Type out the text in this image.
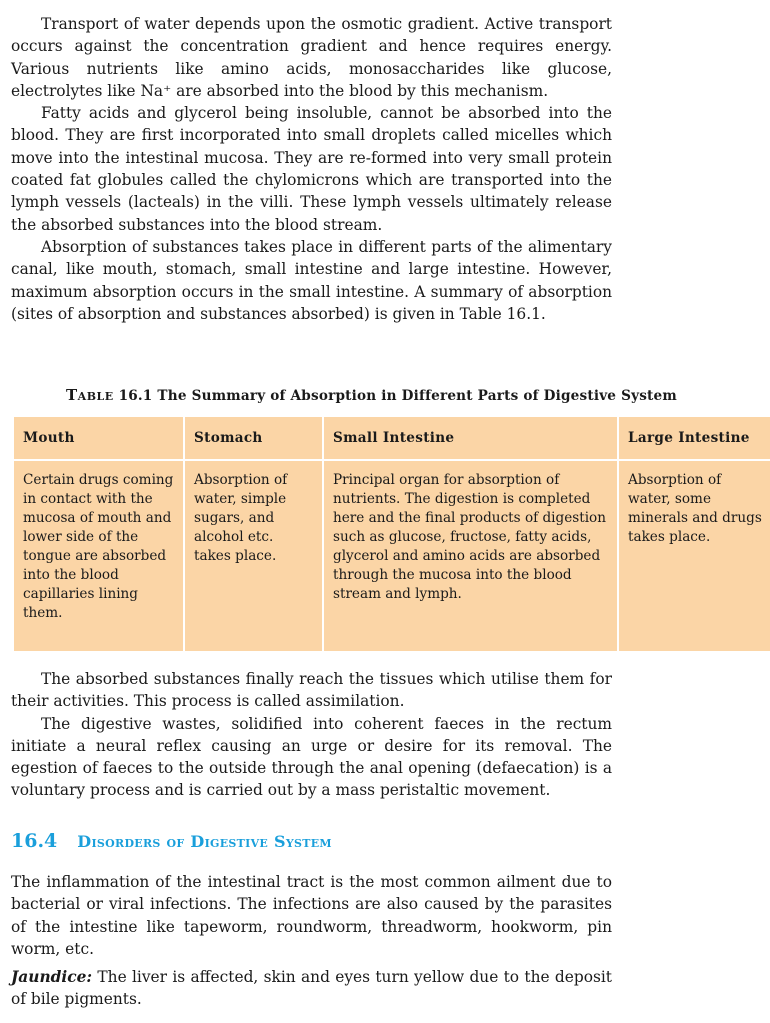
Transport of water depends upon the osmotic gradient. Active transport occurs against the concentration gradient and hence requires energy. Various nutrients like amino acids, monosaccharides like glucose, electrolytes like Na⁺ are absorbed into the blood by this mechanism.

Fatty acids and glycerol being insoluble, cannot be absorbed into the blood. They are first incorporated into small droplets called micelles which move into the intestinal mucosa. They are re-formed into very small protein coated fat globules called the chylomicrons which are transported into the lymph vessels (lacteals) in the villi. These lymph vessels ultimately release the absorbed substances into the blood stream.

Absorption of substances takes place in different parts of the alimentary canal, like mouth, stomach, small intestine and large intestine. However, maximum absorption occurs in the small intestine. A summary of absorption (sites of absorption and substances absorbed) is given in Table 16.1.

Table 16.1 The Summary of Absorption in Different Parts of Digestive System
Mouth	Stomach	Small Intestine	Large Intestine
Certain drugs coming in contact with the mucosa of mouth and lower side of the tongue are absorbed into the blood capillaries lining them.	Absorption of water, simple sugars, and alcohol etc. takes place.	Principal organ for absorption of nutrients. The digestion is completed here and the final products of digestion such as glucose, fructose, fatty acids, glycerol and amino acids are absorbed through the mucosa into the blood stream and lymph.	Absorption of water, some minerals and drugs takes place.

The absorbed substances finally reach the tissues which utilise them for their activities. This process is called assimilation.

The digestive wastes, solidified into coherent faeces in the rectum initiate a neural reflex causing an urge or desire for its removal. The egestion of faeces to the outside through the anal opening (defaecation) is a voluntary process and is carried out by a mass peristaltic movement.

16.4 Disorders of Digestive System

The inflammation of the intestinal tract is the most common ailment due to bacterial or viral infections. The infections are also caused by the parasites of the intestine like tapeworm, roundworm, threadworm, hookworm, pin worm, etc.

Jaundice: The liver is affected, skin and eyes turn yellow due to the deposit of bile pigments.
